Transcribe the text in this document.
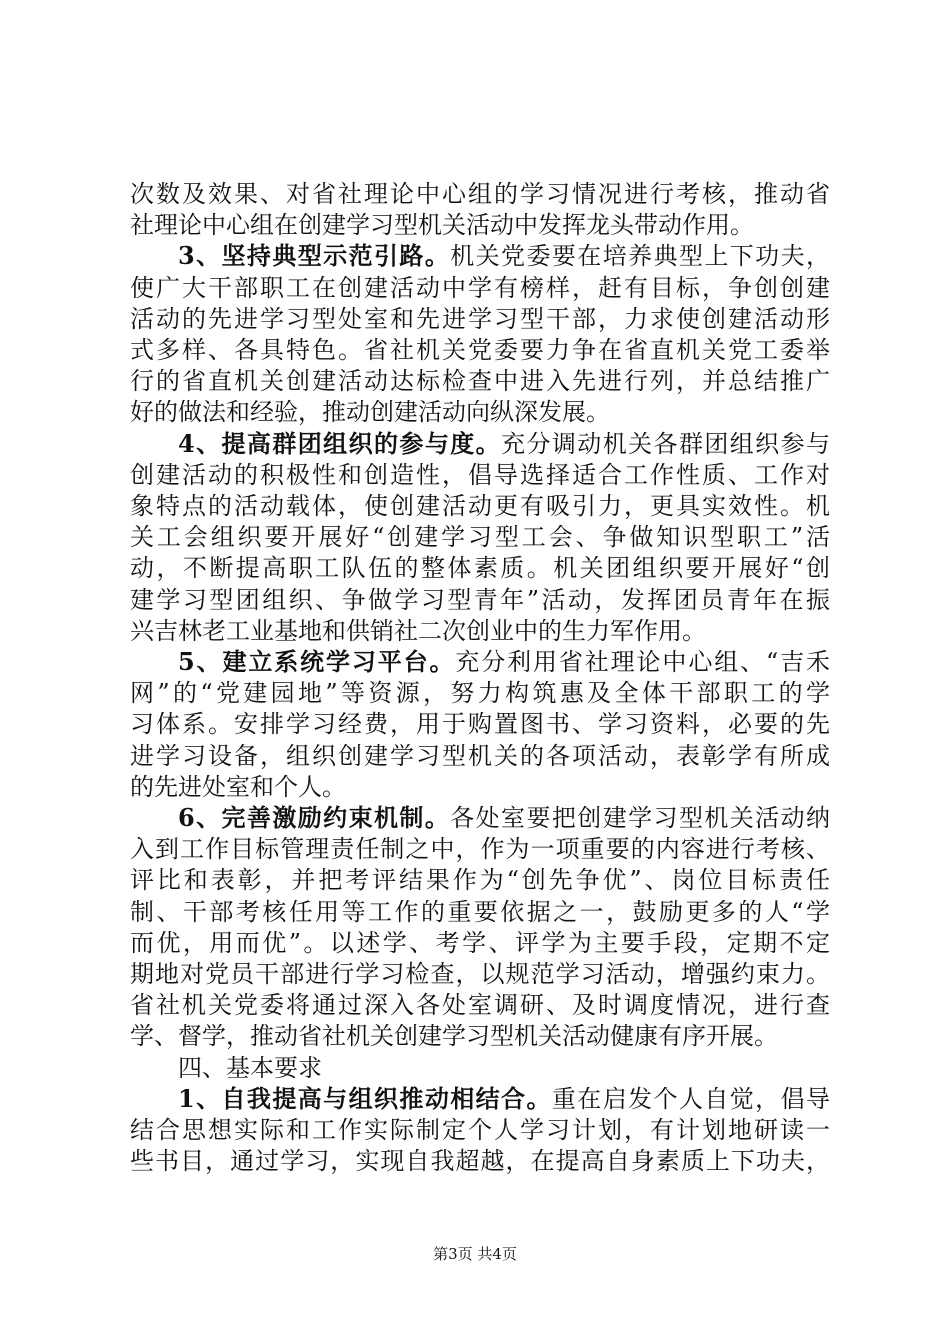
次数及效果、对省社理论中心组的学习情况进行考核，推动省
社理论中心组在创建学习型机关活动中发挥龙头带动作用。
3、坚持典型示范引路。机关党委要在培养典型上下功夫，
使广大干部职工在创建活动中学有榜样，赶有目标，争创创建
活动的先进学习型处室和先进学习型干部，力求使创建活动形
式多样、各具特色。省社机关党委要力争在省直机关党工委举
行的省直机关创建活动达标检查中进入先进行列，并总结推广
好的做法和经验，推动创建活动向纵深发展。
4、提高群团组织的参与度。充分调动机关各群团组织参与
创建活动的积极性和创造性，倡导选择适合工作性质、工作对
象特点的活动载体，使创建活动更有吸引力，更具实效性。机
关工会组织要开展好“创建学习型工会、争做知识型职工”活
动，不断提高职工队伍的整体素质。机关团组织要开展好“创
建学习型团组织、争做学习型青年”活动，发挥团员青年在振
兴吉林老工业基地和供销社二次创业中的生力军作用。
5、建立系统学习平台。充分利用省社理论中心组、“吉禾
网”的“党建园地”等资源，努力构筑惠及全体干部职工的学
习体系。安排学习经费，用于购置图书、学习资料，必要的先
进学习设备，组织创建学习型机关的各项活动，表彰学有所成
的先进处室和个人。
6、完善激励约束机制。各处室要把创建学习型机关活动纳
入到工作目标管理责任制之中，作为一项重要的内容进行考核、
评比和表彰，并把考评结果作为“创先争优”、岗位目标责任
制、干部考核任用等工作的重要依据之一，鼓励更多的人“学
而优，用而优”。以述学、考学、评学为主要手段，定期不定
期地对党员干部进行学习检查，以规范学习活动，增强约束力。
省社机关党委将通过深入各处室调研、及时调度情况，进行查
学、督学，推动省社机关创建学习型机关活动健康有序开展。
四、基本要求
1、自我提高与组织推动相结合。重在启发个人自觉，倡导
结合思想实际和工作实际制定个人学习计划，有计划地研读一
些书目，通过学习，实现自我超越，在提高自身素质上下功夫，
第3页 共4页
